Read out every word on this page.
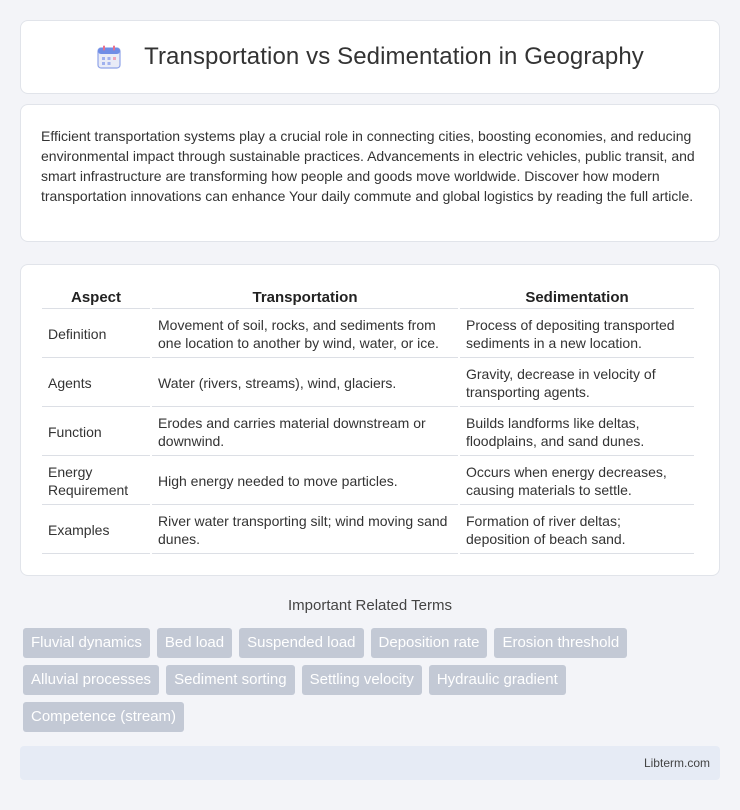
Transportation vs Sedimentation in Geography

Efficient transportation systems play a crucial role in connecting cities, boosting economies, and reducing environmental impact through sustainable practices. Advancements in electric vehicles, public transit, and smart infrastructure are transforming how people and goods move worldwide. Discover how modern transportation innovations can enhance Your daily commute and global logistics by reading the full article.

Aspect	Transportation	Sedimentation
Definition	Movement of soil, rocks, and sediments from one location to another by wind, water, or ice.	Process of depositing transported sediments in a new location.
Agents	Water (rivers, streams), wind, glaciers.	Gravity, decrease in velocity of transporting agents.
Function	Erodes and carries material downstream or downwind.	Builds landforms like deltas, floodplains, and sand dunes.
Energy Requirement	High energy needed to move particles.	Occurs when energy decreases, causing materials to settle.
Examples	River water transporting silt; wind moving sand dunes.	Formation of river deltas; deposition of beach sand.
Important Related Terms
Fluvial dynamics	Bed load	Suspended load	Deposition rate	Erosion threshold
Alluvial processes	Sediment sorting	Settling velocity	Hydraulic gradient
Competence (stream)
Libterm.com
